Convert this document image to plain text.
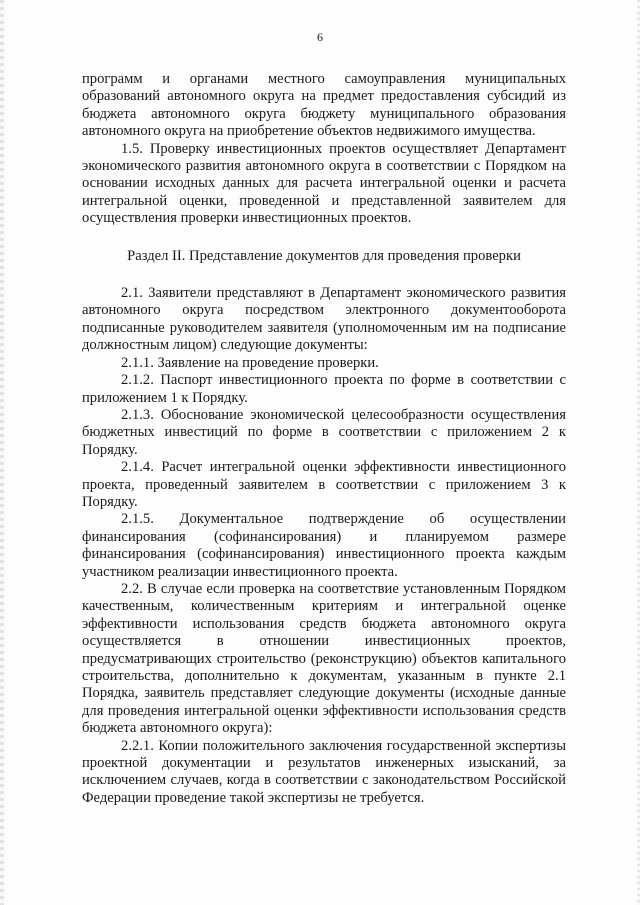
6

программ и органами местного самоуправления муниципальных образований автономного округа на предмет предоставления субсидий из бюджета автономного округа бюджету муниципального образования автономного округа на приобретение объектов недвижимого имущества.

1.5. Проверку инвестиционных проектов осуществляет Департамент экономического развития автономного округа в соответствии с Порядком на основании исходных данных для расчета интегральной оценки и расчета интегральной оценки, проведенной и представленной заявителем для осуществления проверки инвестиционных проектов.

Раздел II. Представление документов для проведения проверки

2.1. Заявители представляют в Департамент экономического развития автономного округа посредством электронного документооборота подписанные руководителем заявителя (уполномоченным им на подписание должностным лицом) следующие документы:

2.1.1. Заявление на проведение проверки.

2.1.2. Паспорт инвестиционного проекта по форме в соответствии с приложением 1 к Порядку.

2.1.3. Обоснование экономической целесообразности осуществления бюджетных инвестиций по форме в соответствии с приложением 2 к Порядку.

2.1.4. Расчет интегральной оценки эффективности инвестиционного проекта, проведенный заявителем в соответствии с приложением 3 к Порядку.

2.1.5. Документальное подтверждение об осуществлении финансирования (софинансирования) и планируемом размере финансирования (софинансирования) инвестиционного проекта каждым участником реализации инвестиционного проекта.

2.2. В случае если проверка на соответствие установленным Порядком качественным, количественным критериям и интегральной оценке эффективности использования средств бюджета автономного округа осуществляется в отношении инвестиционных проектов, предусматривающих строительство (реконструкцию) объектов капитального строительства, дополнительно к документам, указанным в пункте 2.1 Порядка, заявитель представляет следующие документы (исходные данные для проведения интегральной оценки эффективности использования средств бюджета автономного округа):

2.2.1. Копии положительного заключения государственной экспертизы проектной документации и результатов инженерных изысканий, за исключением случаев, когда в соответствии с законодательством Российской Федерации проведение такой экспертизы не требуется.
